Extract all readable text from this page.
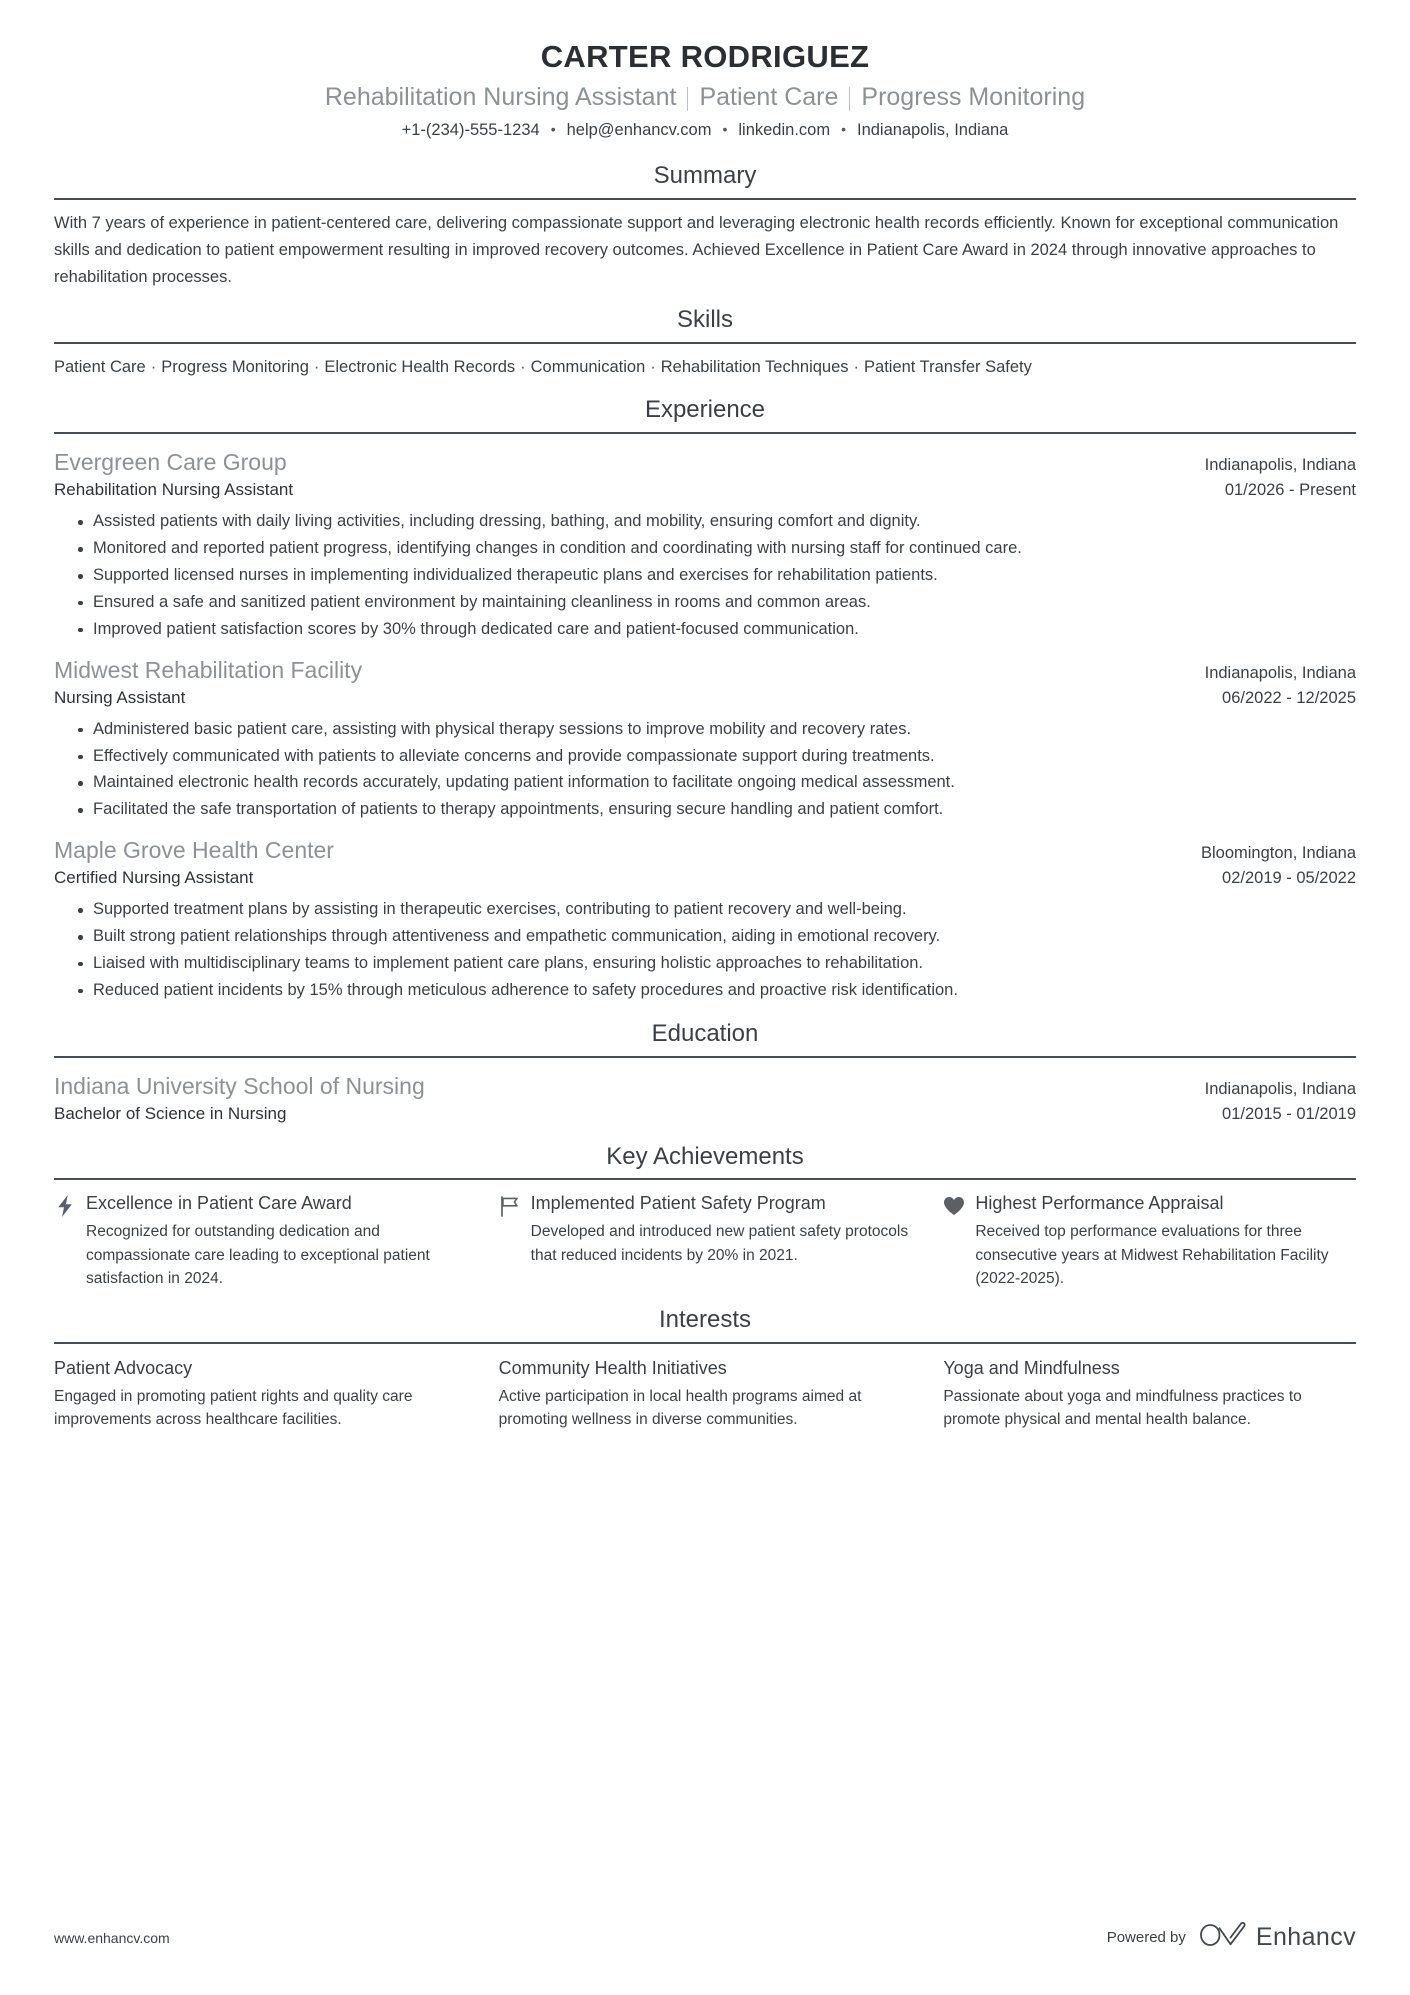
CARTER RODRIGUEZ
Rehabilitation Nursing Assistant Patient Care Progress Monitoring
+1-(234)-555-1234 • help@enhancv.com • linkedin.com • Indianapolis, Indiana
Summary
With 7 years of experience in patient-centered care, delivering compassionate support and leveraging electronic health records efficiently. Known for exceptional communication skills and dedication to patient empowerment resulting in improved recovery outcomes. Achieved Excellence in Patient Care Award in 2024 through innovative approaches to rehabilitation processes.
Skills
Patient Care · Progress Monitoring · Electronic Health Records · Communication · Rehabilitation Techniques · Patient Transfer Safety
Experience
Evergreen Care Group	Indianapolis, Indiana
Rehabilitation Nursing Assistant	01/2026 - Present
Assisted patients with daily living activities, including dressing, bathing, and mobility, ensuring comfort and dignity.
Monitored and reported patient progress, identifying changes in condition and coordinating with nursing staff for continued care.
Supported licensed nurses in implementing individualized therapeutic plans and exercises for rehabilitation patients.
Ensured a safe and sanitized patient environment by maintaining cleanliness in rooms and common areas.
Improved patient satisfaction scores by 30% through dedicated care and patient-focused communication.
Midwest Rehabilitation Facility	Indianapolis, Indiana
Nursing Assistant	06/2022 - 12/2025
Administered basic patient care, assisting with physical therapy sessions to improve mobility and recovery rates.
Effectively communicated with patients to alleviate concerns and provide compassionate support during treatments.
Maintained electronic health records accurately, updating patient information to facilitate ongoing medical assessment.
Facilitated the safe transportation of patients to therapy appointments, ensuring secure handling and patient comfort.
Maple Grove Health Center	Bloomington, Indiana
Certified Nursing Assistant	02/2019 - 05/2022
Supported treatment plans by assisting in therapeutic exercises, contributing to patient recovery and well-being.
Built strong patient relationships through attentiveness and empathetic communication, aiding in emotional recovery.
Liaised with multidisciplinary teams to implement patient care plans, ensuring holistic approaches to rehabilitation.
Reduced patient incidents by 15% through meticulous adherence to safety procedures and proactive risk identification.
Education
Indiana University School of Nursing	Indianapolis, Indiana
Bachelor of Science in Nursing	01/2015 - 01/2019
Key Achievements
Excellence in Patient Care Award
Recognized for outstanding dedication and compassionate care leading to exceptional patient satisfaction in 2024.
Implemented Patient Safety Program
Developed and introduced new patient safety protocols that reduced incidents by 20% in 2021.
Highest Performance Appraisal
Received top performance evaluations for three consecutive years at Midwest Rehabilitation Facility (2022-2025).
Interests
Patient Advocacy
Engaged in promoting patient rights and quality care improvements across healthcare facilities.
Community Health Initiatives
Active participation in local health programs aimed at promoting wellness in diverse communities.
Yoga and Mindfulness
Passionate about yoga and mindfulness practices to promote physical and mental health balance.
www.enhancv.com	Powered by	Enhancv
